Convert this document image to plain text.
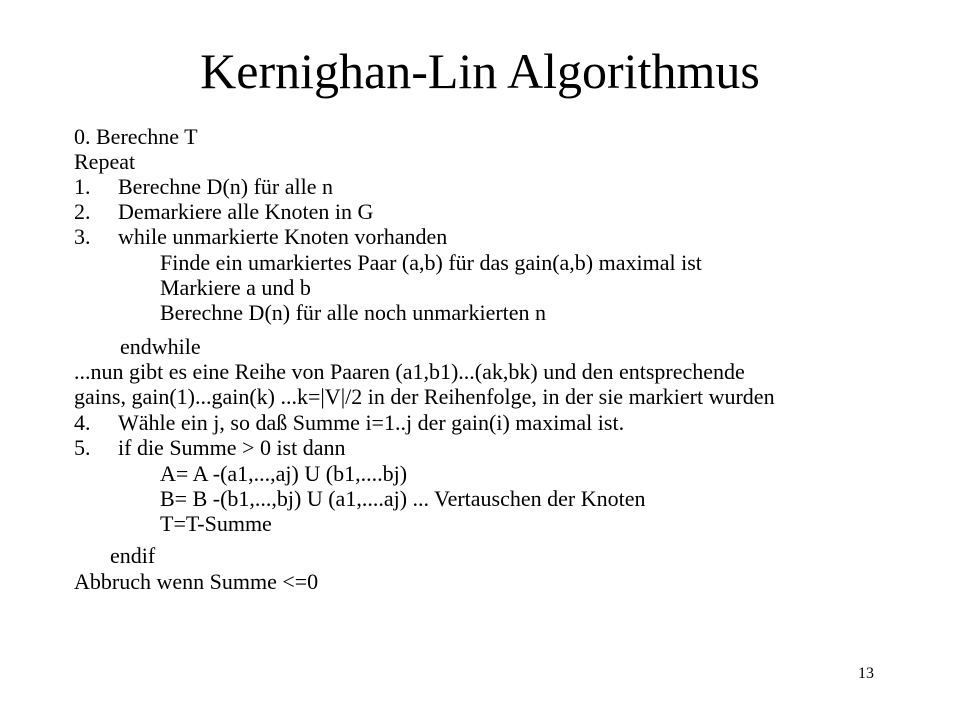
Kernighan-Lin Algorithmus
0. Berechne T
Repeat
1. Berechne D(n) für alle n
2. Demarkiere alle Knoten in G
3. while unmarkierte Knoten vorhanden
Finde ein umarkiertes Paar (a,b) für das gain(a,b) maximal ist
Markiere a und b
Berechne D(n) für alle noch unmarkierten n
endwhile
...nun gibt es eine Reihe von Paaren (a1,b1)...(ak,bk) und den entsprechende
gains, gain(1)...gain(k) ...k=|V|/2 in der Reihenfolge, in der sie markiert wurden
4. Wähle ein j, so daß Summe i=1..j der gain(i) maximal ist.
5. if die Summe > 0 ist dann
A= A -(a1,...,aj) U (b1,....bj)
B= B -(b1,...,bj) U (a1,....aj) ... Vertauschen der Knoten
T=T-Summe
endif
Abbruch wenn Summe <=0
13
